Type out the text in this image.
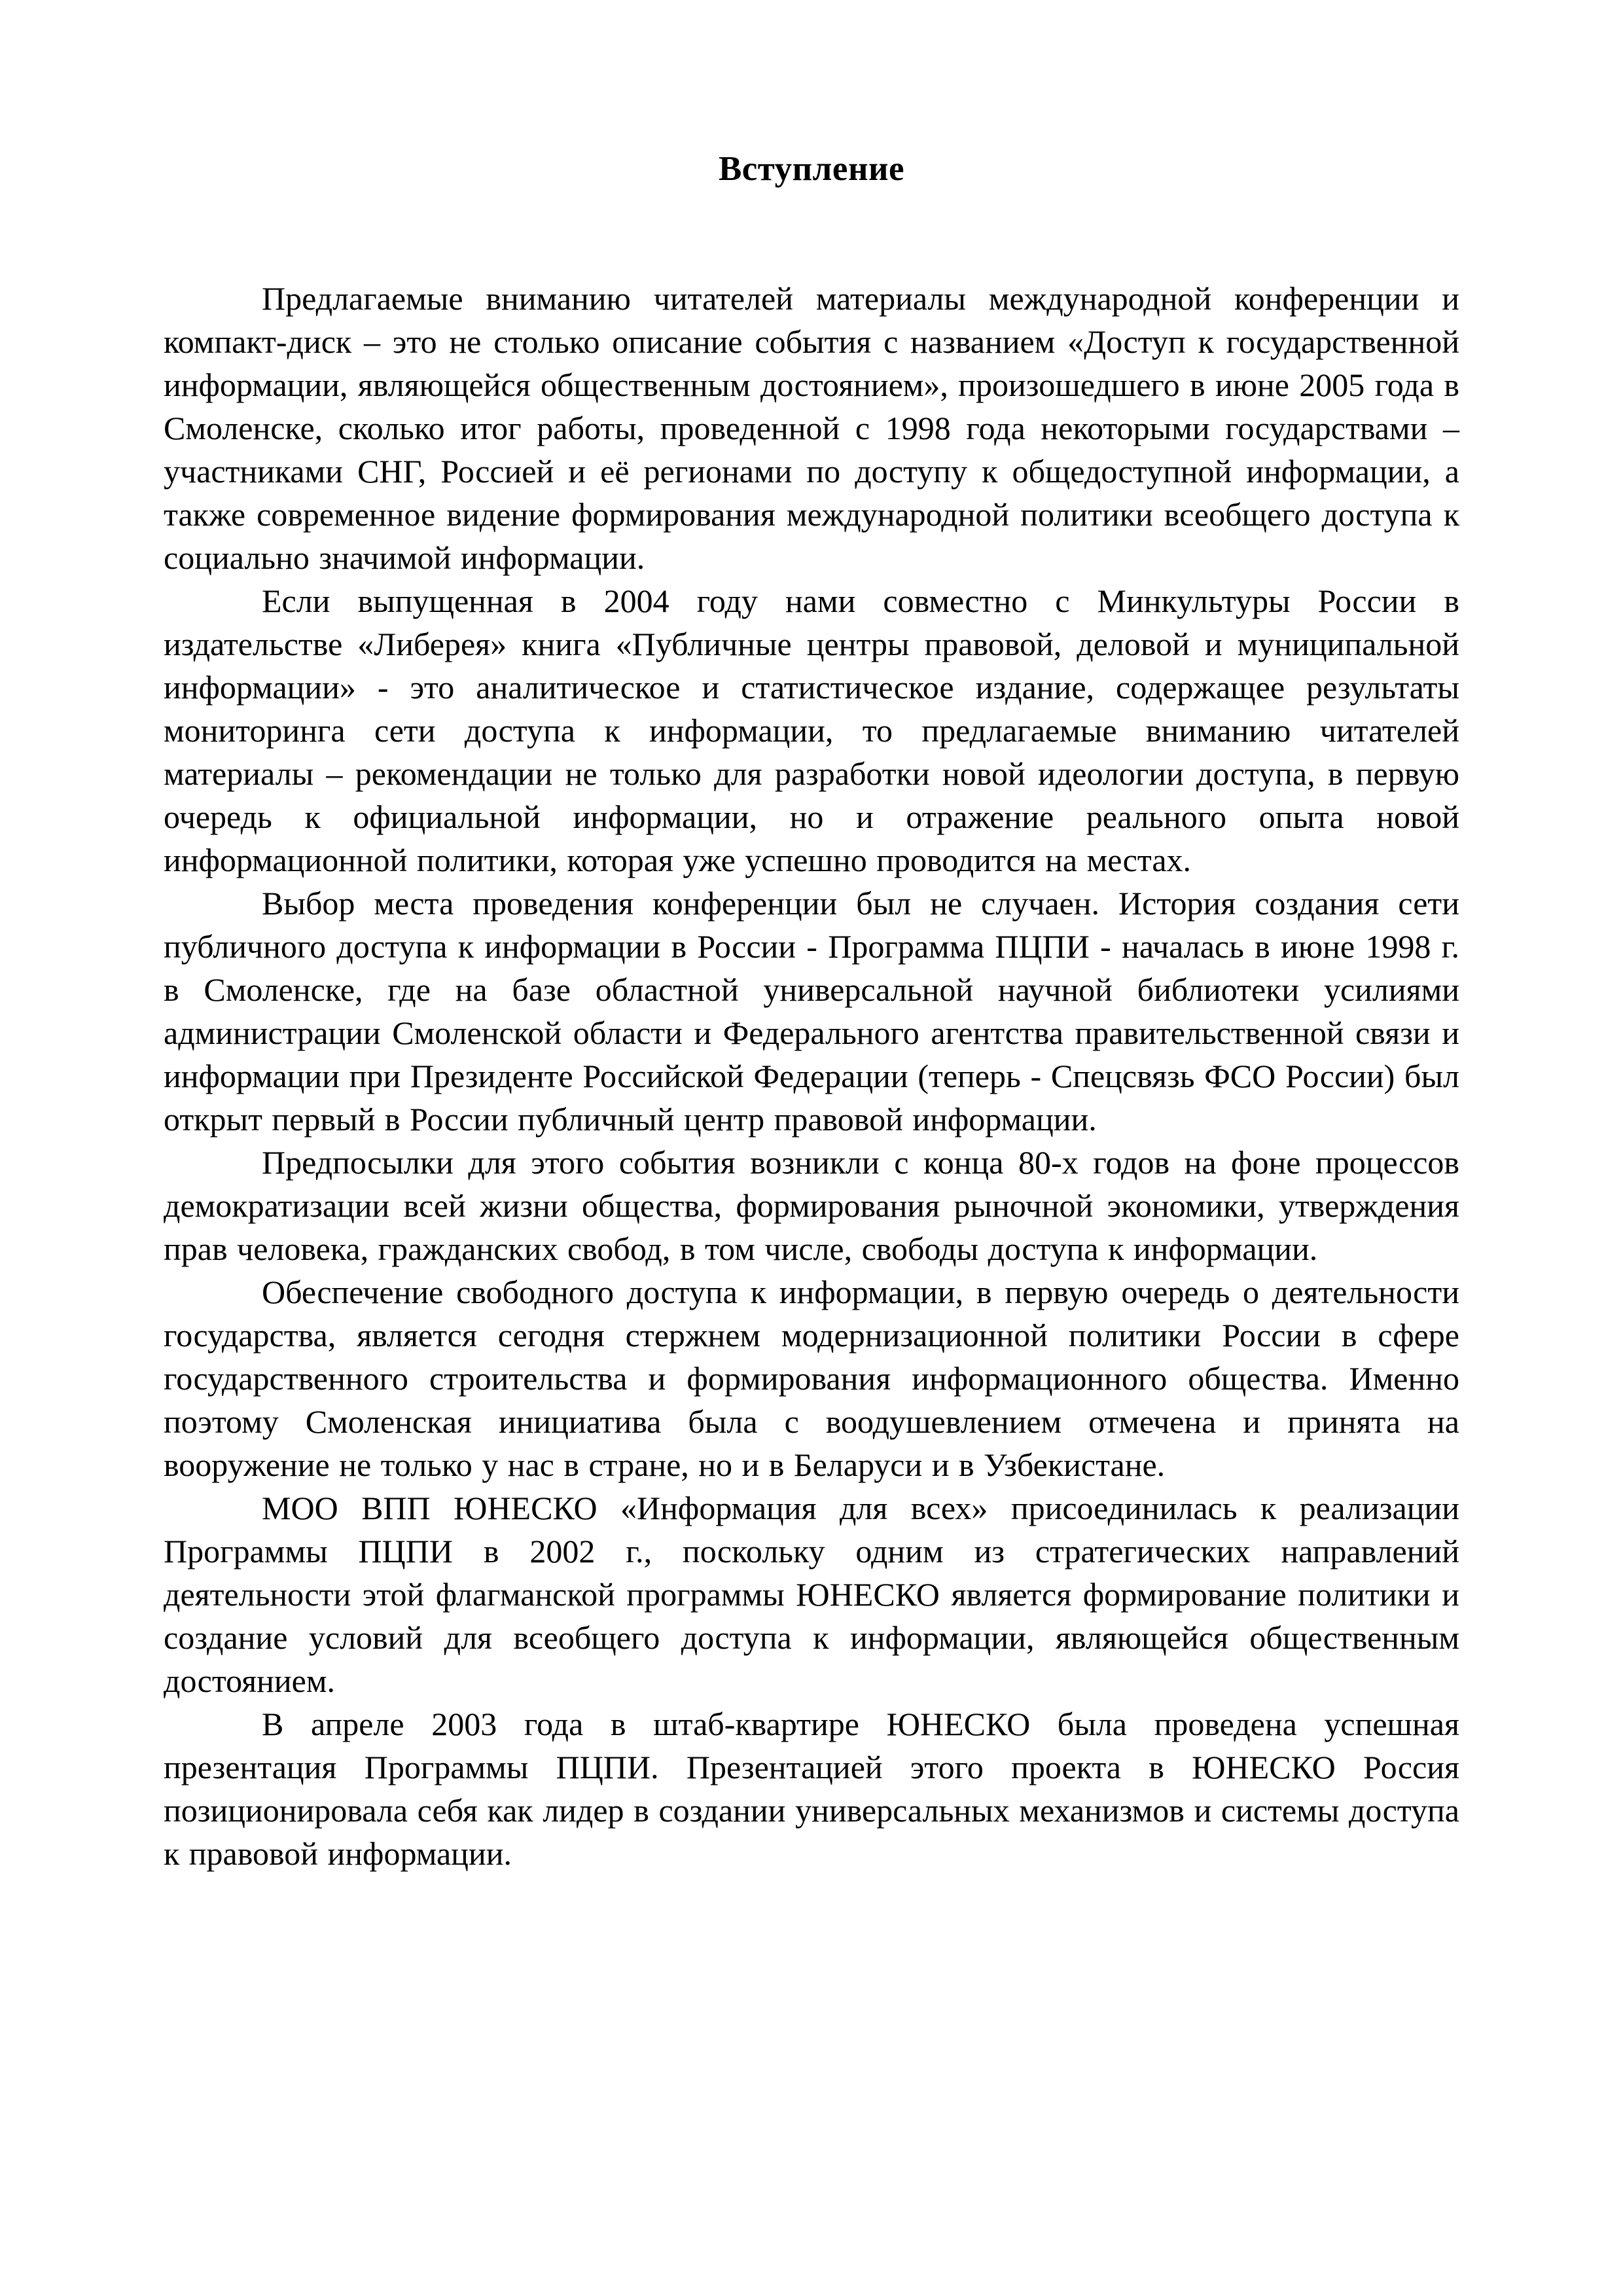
Вступление

Предлагаемые вниманию читателей материалы международной конференции и компакт-диск – это не столько описание события с названием «Доступ к государственной информации, являющейся общественным достоянием», произошедшего в июне 2005 года в Смоленске, сколько итог работы, проведенной с 1998 года некоторыми государствами – участниками СНГ, Россией и её регионами по доступу к общедоступной информации, а также современное видение формирования международной политики всеобщего доступа к социально значимой информации.

Если выпущенная в 2004 году нами совместно с Минкультуры России в издательстве «Либерея» книга «Публичные центры правовой, деловой и муниципальной информации» - это аналитическое и статистическое издание, содержащее результаты мониторинга сети доступа к информации, то предлагаемые вниманию читателей материалы – рекомендации не только для разработки новой идеологии доступа, в первую очередь к официальной информации, но и отражение реального опыта новой информационной политики, которая уже успешно проводится на местах.

Выбор места проведения конференции был не случаен. История создания сети публичного доступа к информации в России - Программа ПЦПИ - началась в июне 1998 г. в Смоленске, где на базе областной универсальной научной библиотеки усилиями администрации Смоленской области и Федерального агентства правительственной связи и информации при Президенте Российской Федерации (теперь - Спецсвязь ФСО России) был открыт первый в России публичный центр правовой информации.

Предпосылки для этого события возникли с конца 80-х годов на фоне процессов демократизации всей жизни общества, формирования рыночной экономики, утверждения прав человека, гражданских свобод, в том числе, свободы доступа к информации.

Обеспечение свободного доступа к информации, в первую очередь о деятельности государства, является сегодня стержнем модернизационной политики России в сфере государственного строительства и формирования информационного общества. Именно поэтому Смоленская инициатива была с воодушевлением отмечена и принята на вооружение не только у нас в стране, но и в Беларуси и в Узбекистане.

МОО ВПП ЮНЕСКО «Информация для всех» присоединилась к реализации Программы ПЦПИ в 2002 г., поскольку одним из стратегических направлений деятельности этой флагманской программы ЮНЕСКО является формирование политики и создание условий для всеобщего доступа к информации, являющейся общественным достоянием.

В апреле 2003 года в штаб-квартире ЮНЕСКО была проведена успешная презентация Программы ПЦПИ. Презентацией этого проекта в ЮНЕСКО Россия позиционировала себя как лидер в создании универсальных механизмов и системы доступа к правовой информации.
